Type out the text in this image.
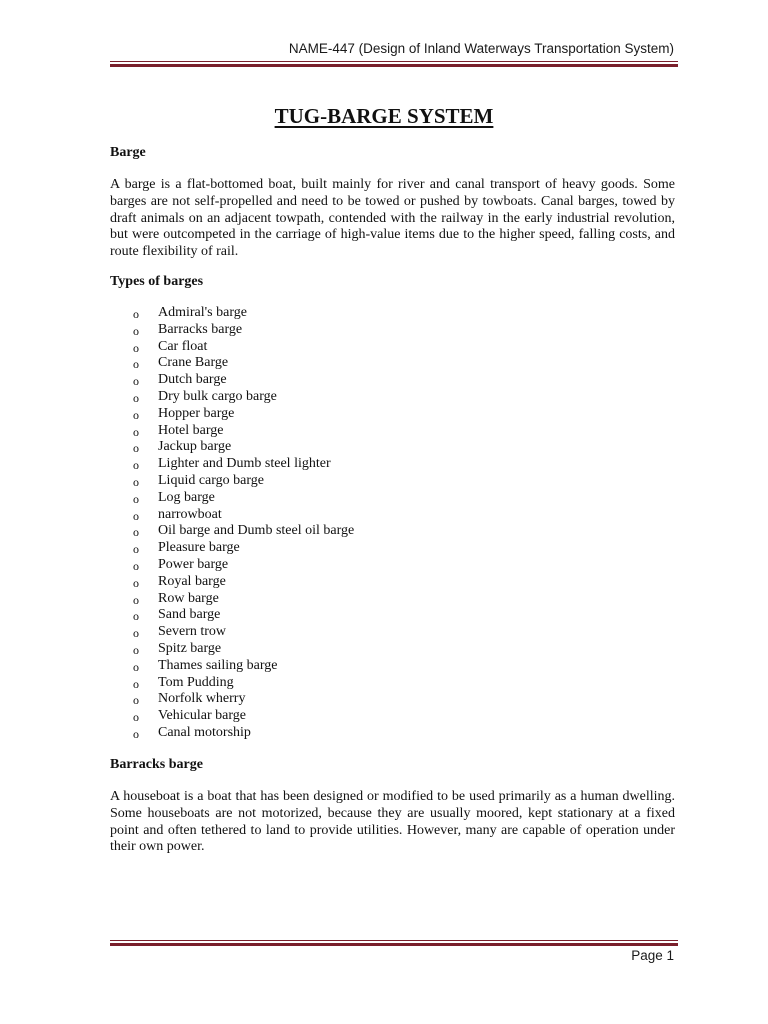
NAME-447 (Design of Inland Waterways Transportation System)
TUG-BARGE SYSTEM
Barge
A barge is a flat-bottomed boat, built mainly for river and canal transport of heavy goods. Some barges are not self-propelled and need to be towed or pushed by towboats. Canal barges, towed by draft animals on an adjacent towpath, contended with the railway in the early industrial revolution, but were outcompeted in the carriage of high-value items due to the higher speed, falling costs, and route flexibility of rail.
Types of barges
o Admiral's barge
o Barracks barge
o Car float
o Crane Barge
o Dutch barge
o Dry bulk cargo barge
o Hopper barge
o Hotel barge
o Jackup barge
o Lighter and Dumb steel lighter
o Liquid cargo barge
o Log barge
o narrowboat
o Oil barge and Dumb steel oil barge
o Pleasure barge
o Power barge
o Royal barge
o Row barge
o Sand barge
o Severn trow
o Spitz barge
o Thames sailing barge
o Tom Pudding
o Norfolk wherry
o Vehicular barge
o Canal motorship
Barracks barge
A houseboat is a boat that has been designed or modified to be used primarily as a human dwelling. Some houseboats are not motorized, because they are usually moored, kept stationary at a fixed point and often tethered to land to provide utilities. However, many are capable of operation under their own power.
Page 1
